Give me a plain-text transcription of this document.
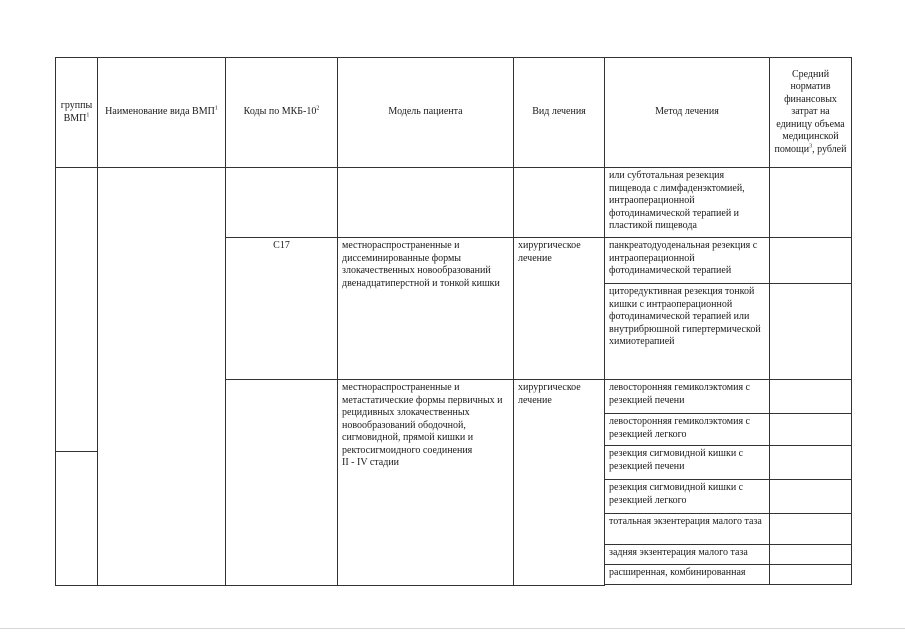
группы ВМП$^1$	Наименование вида ВМП$^1$	Коды по МКБ-$10^2$	Модель пациента	Вид лечения	Метод лечения	Средний норматив финансовых затрат на единицу объема медицинской помощи$^3$, рублей	
					или субтотальная резекция пищевода с лимфаденэктомией, интраоперационной фотодинамической терапией и пластикой пищевода		
		C17	местнораспространенные и диссеминированные формы злокачественных новообразований двенадцатиперстной и тонкой кишки	хирургическое лечение	панкреатодуоденальная резекция с интраоперационной фотодинамической терапией		
					циторедуктивная резекция тонкой кишки с интраоперационной фотодинамической терапией или внутрибрюшной гипертермической химиотерапией		
			местнораспространенные и метастатические формы первичных и рецидивных злокачественных новообразований ободочной, сигмовидной, прямой кишки и ректосигмоидного соединения
II - IV стадии	хирургическое лечение	левосторонняя гемиколэктомия с резекцией печени		
					левосторонняя гемиколэктомия с резекцией легкого		
					резекция сигмовидной кишки с резекцией печени		

					резекция сигмовидной кишки с резекцией легкого		
					тотальная экзентерация малого таза		
					задняя экзентерация малого таза		
					расширенная, комбинированная		
